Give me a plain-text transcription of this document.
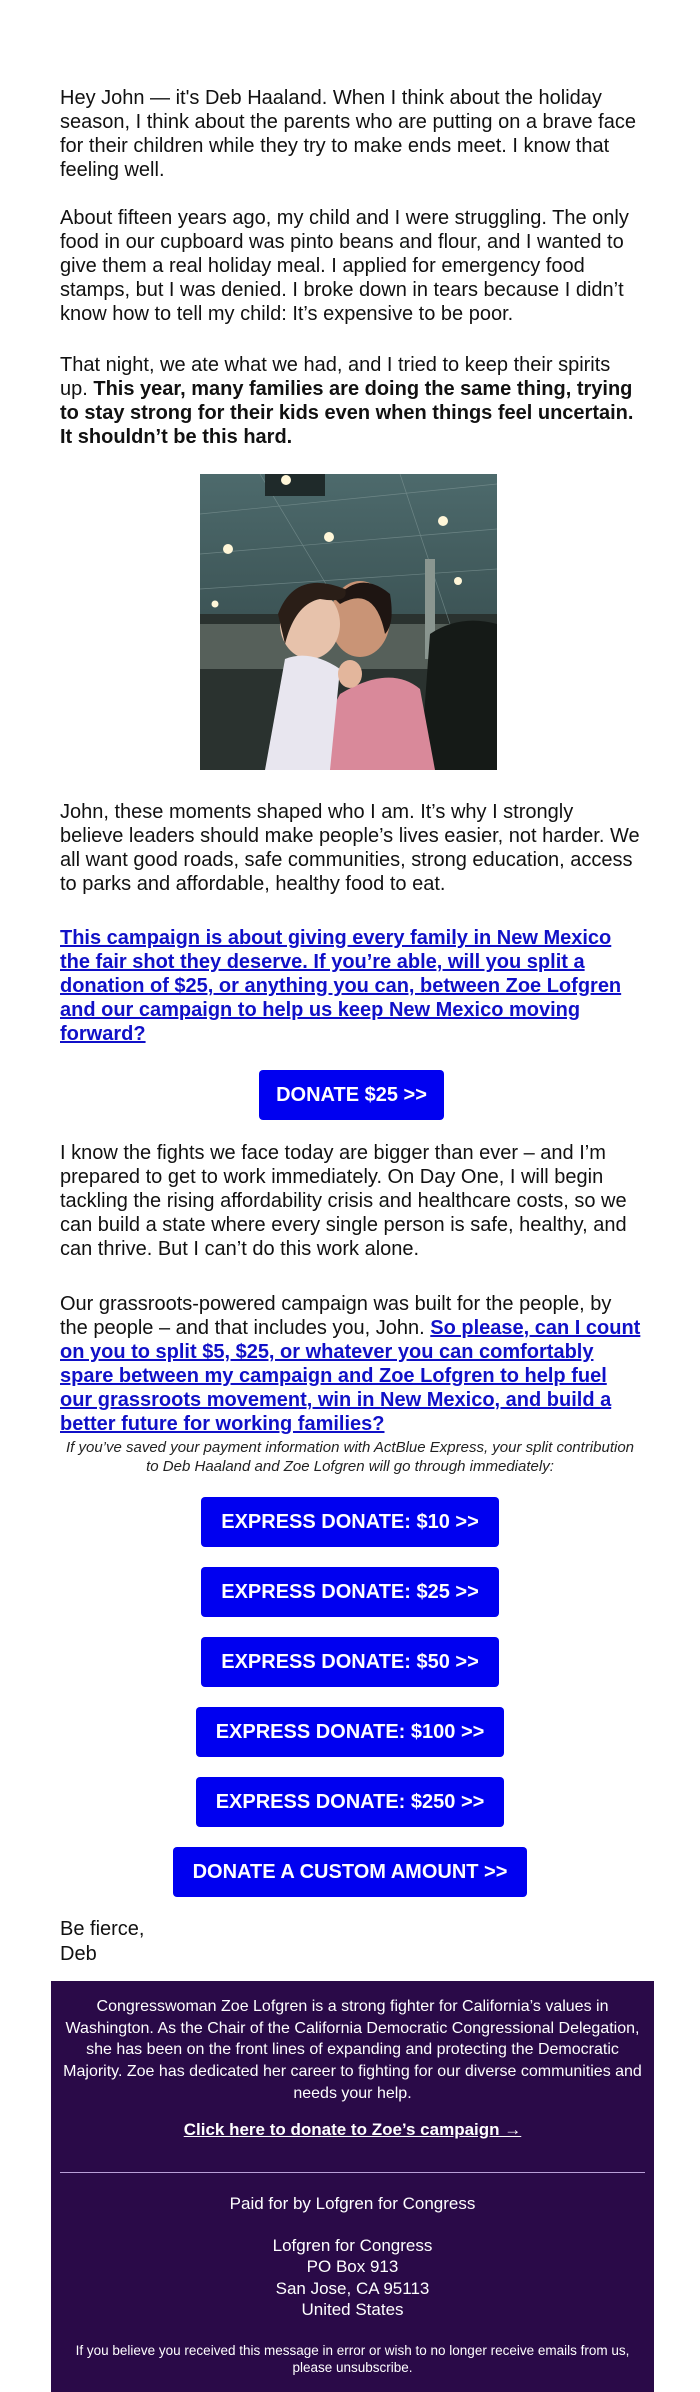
Hey John — it's Deb Haaland. When I think about the holiday season, I think about the parents who are putting on a brave face for their children while they try to make ends meet. I know that feeling well.

About fifteen years ago, my child and I were struggling. The only food in our cupboard was pinto beans and flour, and I wanted to give them a real holiday meal. I applied for emergency food stamps, but I was denied. I broke down in tears because I didn’t know how to tell my child: It’s expensive to be poor.

That night, we ate what we had, and I tried to keep their spirits up. This year, many families are doing the same thing, trying to stay strong for their kids even when things feel uncertain. It shouldn’t be this hard.

John, these moments shaped who I am. It’s why I strongly believe leaders should make people’s lives easier, not harder. We all want good roads, safe communities, strong education, access to parks and affordable, healthy food to eat.

This campaign is about giving every family in New Mexico the fair shot they deserve. If you’re able, will you split a donation of $25, or anything you can, between Zoe Lofgren and our campaign to help us keep New Mexico moving forward?

DONATE $25 >>

I know the fights we face today are bigger than ever – and I’m prepared to get to work immediately. On Day One, I will begin tackling the rising affordability crisis and healthcare costs, so we can build a state where every single person is safe, healthy, and can thrive. But I can’t do this work alone.

Our grassroots-powered campaign was built for the people, by the people – and that includes you, John. So please, can I count on you to split $5, $25, or whatever you can comfortably spare between my campaign and Zoe Lofgren to help fuel our grassroots movement, win in New Mexico, and build a better future for working families?

If you’ve saved your payment information with ActBlue Express, your split contribution to Deb Haaland and Zoe Lofgren will go through immediately:
EXPRESS DONATE: $10 >>
EXPRESS DONATE: $25 >>
EXPRESS DONATE: $50 >>
EXPRESS DONATE: $100 >>
EXPRESS DONATE: $250 >>
DONATE A CUSTOM AMOUNT >>
Be fierce,
Deb
Congresswoman Zoe Lofgren is a strong fighter for California’s values in Washington. As the Chair of the California Democratic Congressional Delegation, she has been on the front lines of expanding and protecting the Democratic Majority. Zoe has dedicated her career to fighting for our diverse communities and needs your help.
Click here to donate to Zoe’s campaign →
Paid for by Lofgren for Congress
Lofgren for Congress
PO Box 913
San Jose, CA 95113
United States
If you believe you received this message in error or wish to no longer receive emails from us, please unsubscribe.
